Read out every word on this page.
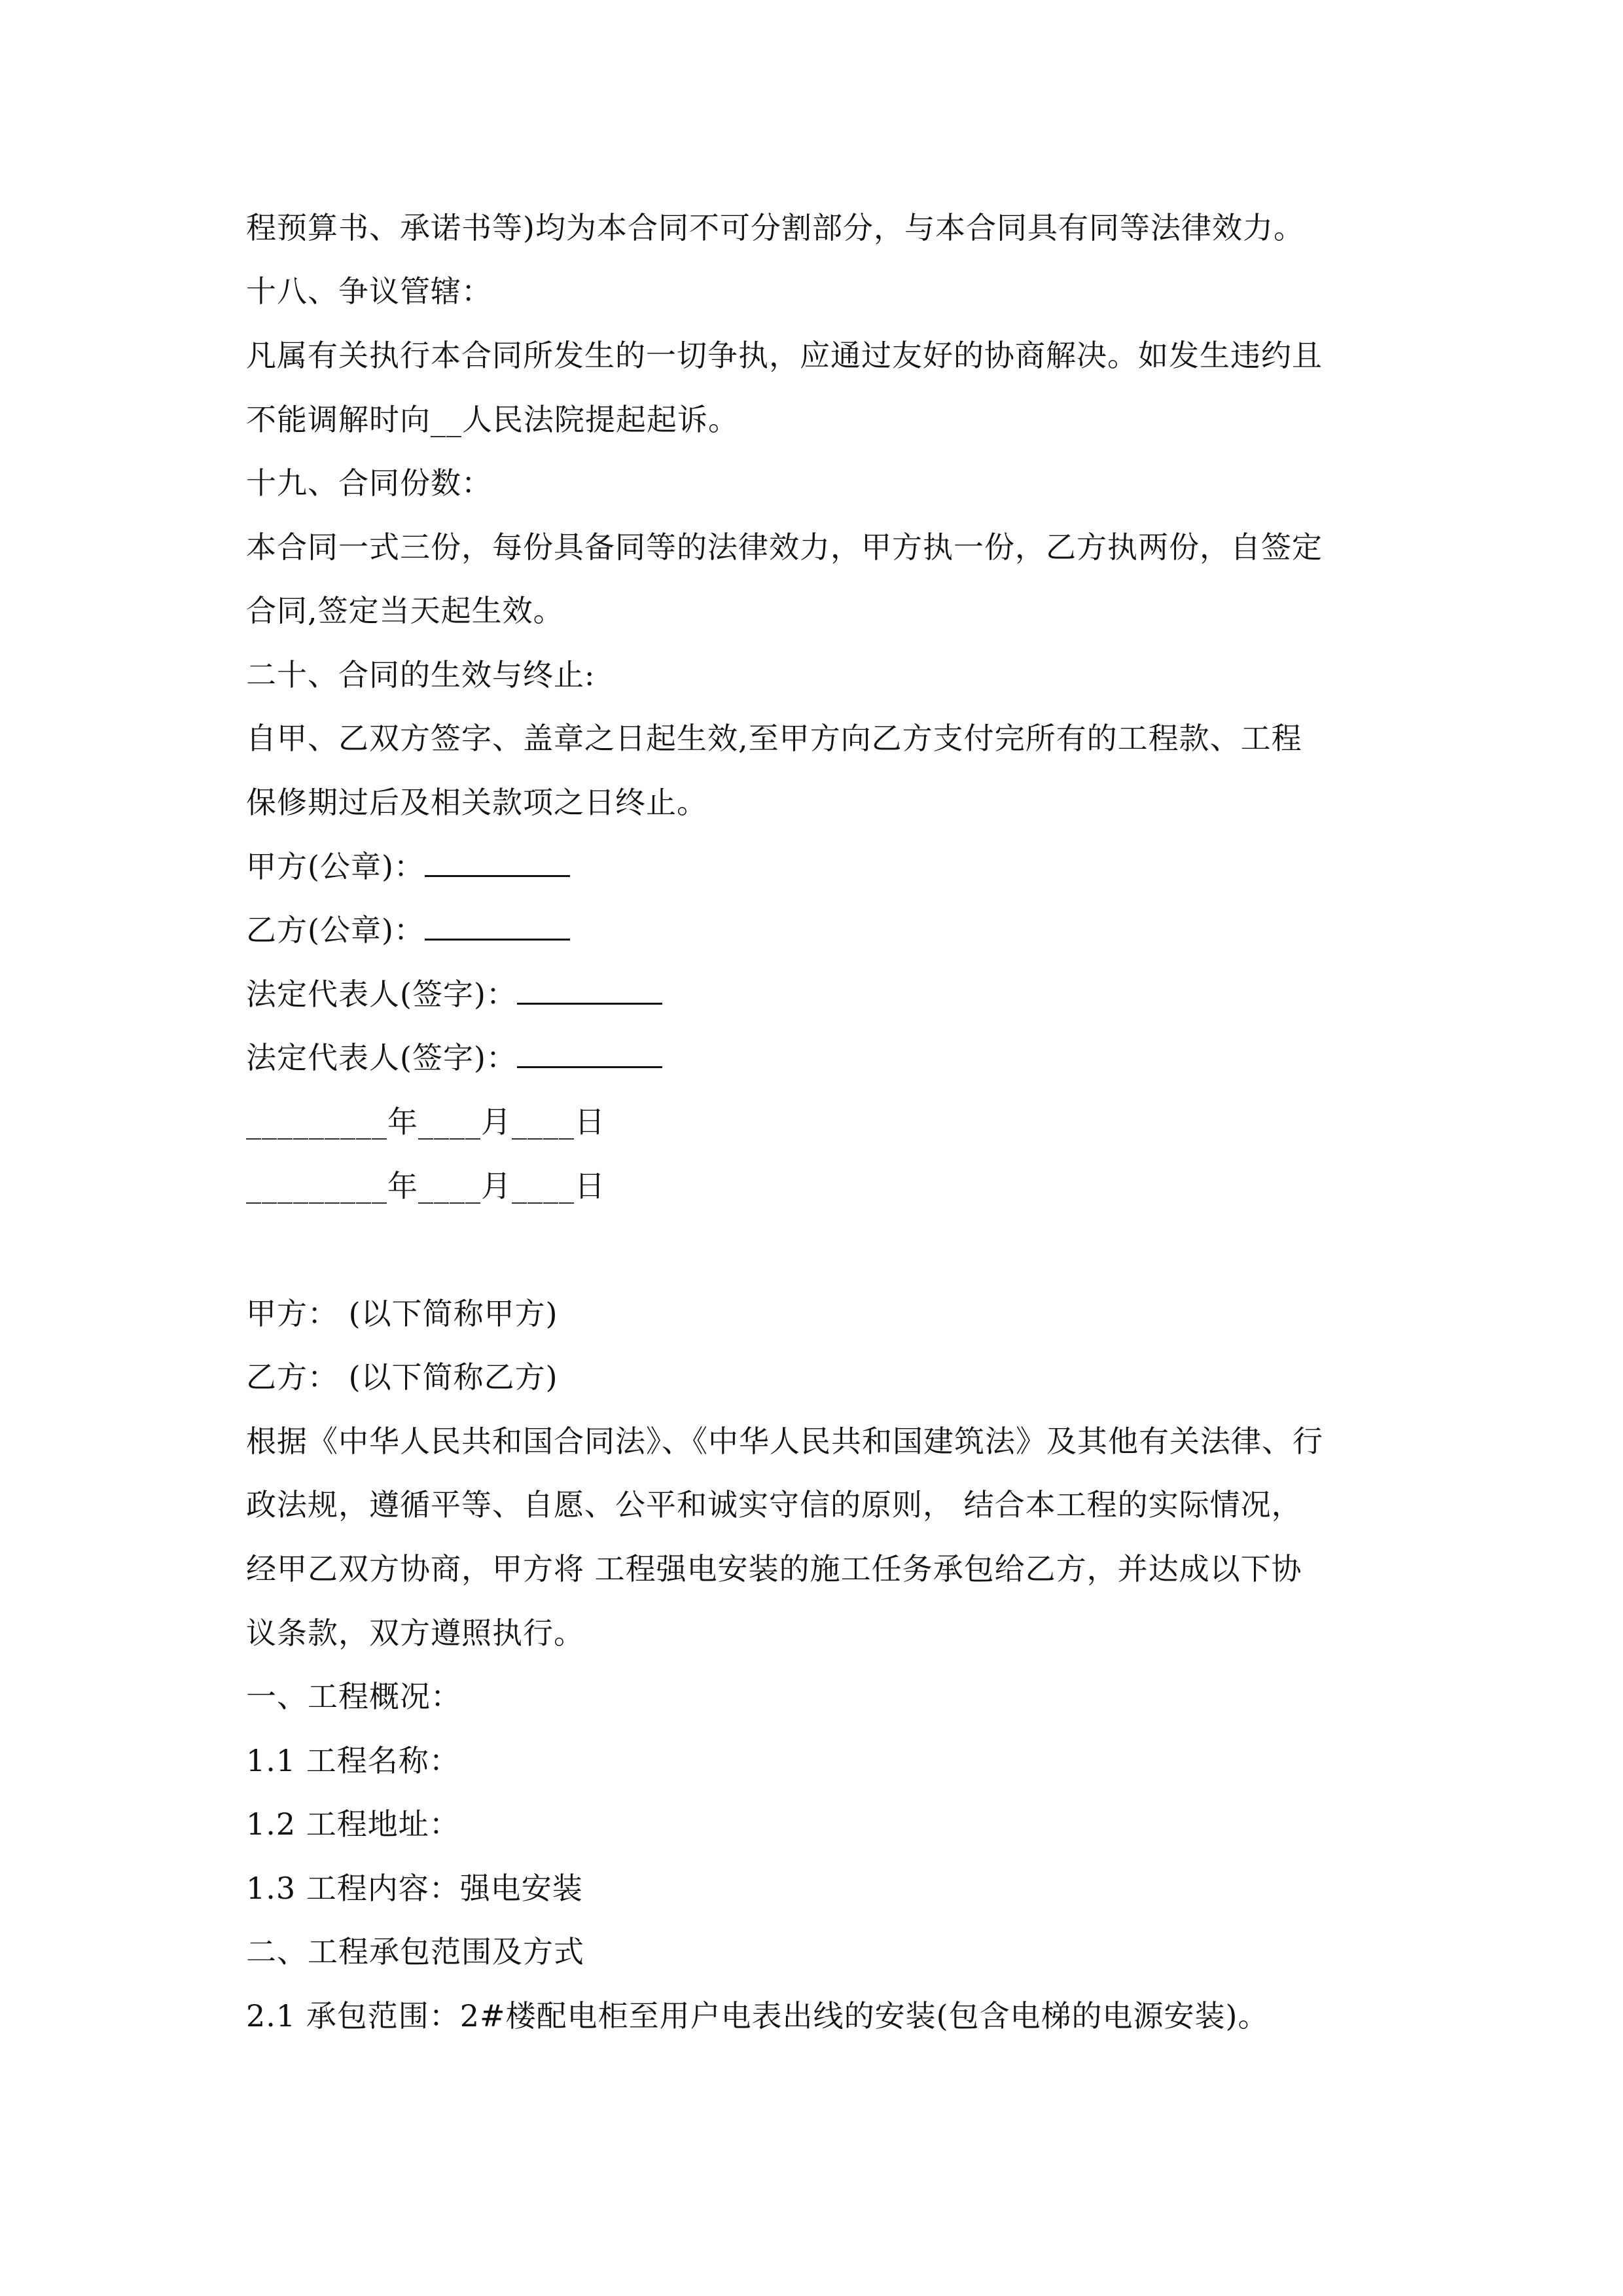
程预算书、承诺书等)均为本合同不可分割部分，与本合同具有同等法律效力。

十八、争议管辖：

凡属有关执行本合同所发生的一切争执，应通过友好的协商解决。如发生违约且

不能调解时向__人民法院提起起诉。

十九、合同份数：

本合同一式三份，每份具备同等的法律效力，甲方执一份，乙方执两份，自签定

合同,签定当天起生效。

二十、合同的生效与终止:

自甲、乙双方签字、盖章之日起生效,至甲方向乙方支付完所有的工程款、工程

保修期过后及相关款项之日终止。

甲方(公章)：

乙方(公章)：

法定代表人(签字)：

法定代表人(签字)：

_________年____月____日

_________年____月____日

甲方： (以下简称甲方)

乙方： (以下简称乙方)

根据《中华人民共和国合同法》、《中华人民共和国建筑法》及其他有关法律、行

政法规，遵循平等、自愿、公平和诚实守信的原则， 结合本工程的实际情况，

经甲乙双方协商，甲方将 工程强电安装的施工任务承包给乙方，并达成以下协

议条款，双方遵照执行。

一、工程概况：

1.1 工程名称：

1.2 工程地址：

1.3 工程内容：强电安装

二、工程承包范围及方式

2.1 承包范围：2#楼配电柜至用户电表出线的安装(包含电梯的电源安装)。
